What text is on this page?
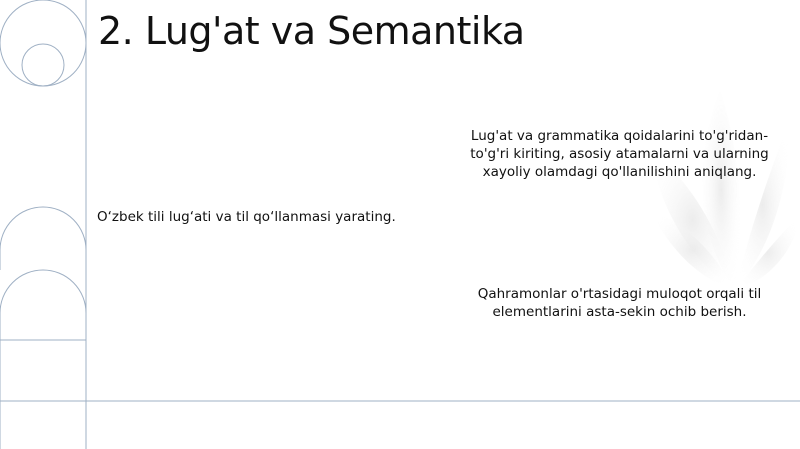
2. Lug'at va Semantika

O‘zbek tili lug‘ati va til qo‘llanmasi yarating.

Lug'at va grammatika qoidalarini to'g'ridan-to'g'ri kiriting, asosiy atamalarni va ularning xayoliy olamdagi qo'llanilishini aniqlang.

Qahramonlar o'rtasidagi muloqot orqali til elementlarini asta-sekin ochib berish.
